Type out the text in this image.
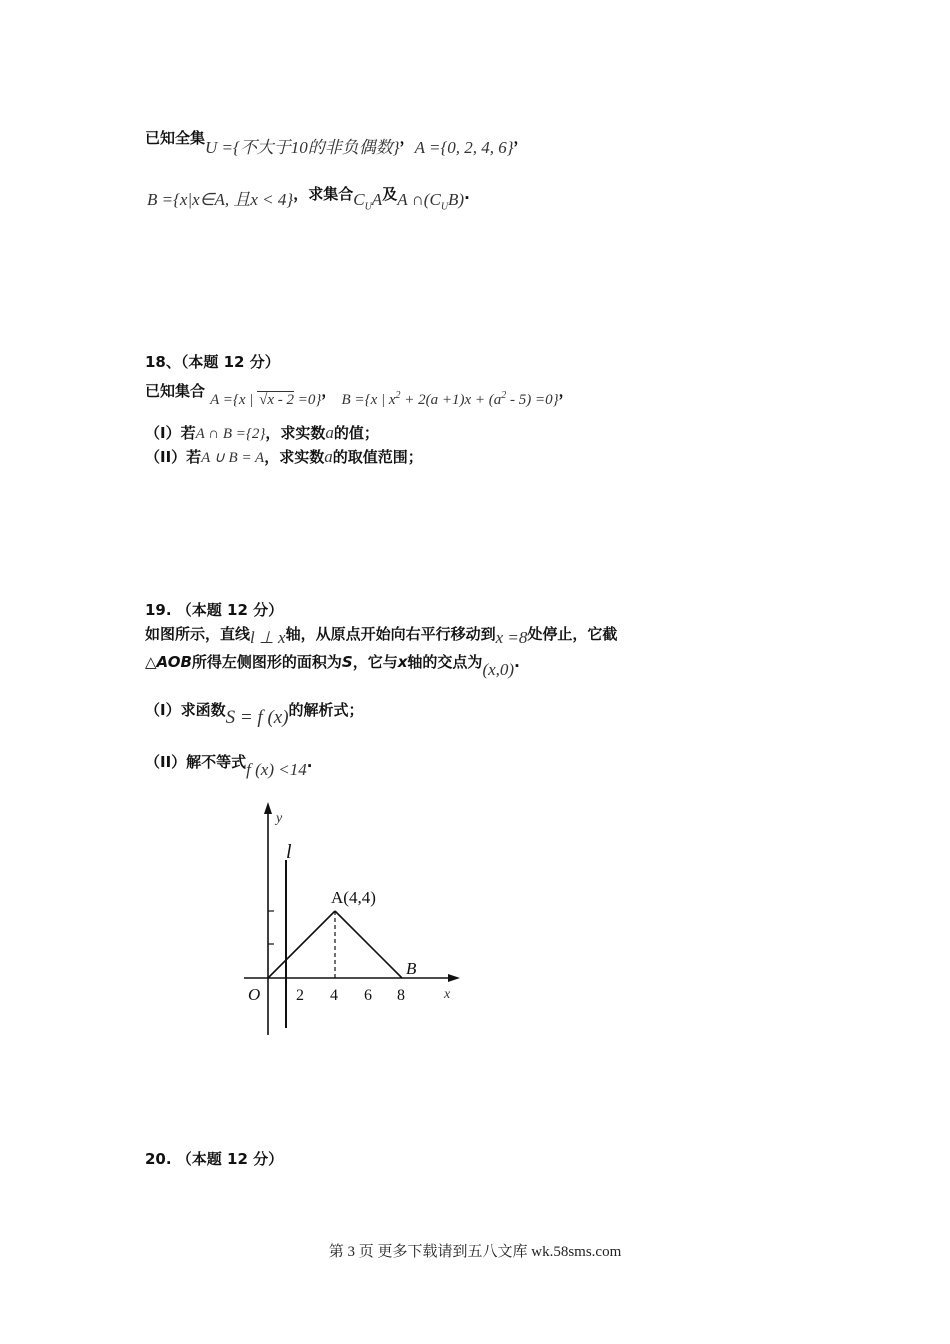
已知全集U ={不大于10的非负偶数}，A ={0, 2, 4, 6}，
B ={x|x∈A, 且x < 4}，求集合$C_UA$及A $\cap(C_UB)$.
18、（本题 12 分）
已知集合 A ={x | √x - 2 =0}， B ={x | $x^2 + 2(a +1)x + (a^2 - 5) =0$}，
（I）若A ∩ B ={2}，求实数a的值；
（II）若A ∪ B = A，求实数a的取值范围；
19. （本题 12 分）
如图所示，直线l ⊥ x轴，从原点开始向右平行移动到x =8处停止，它截
△AOB所得左侧图形的面积为S，它与x轴的交点为(x,0).
（I）求函数S = f (x)的解析式；
（II）解不等式f (x) <14.
y
x
l
O
A(4,4)
B
2 4 6 8
20. （本题 12 分）
第 3 页 更多下载请到五八文库 wk.58sms.com
